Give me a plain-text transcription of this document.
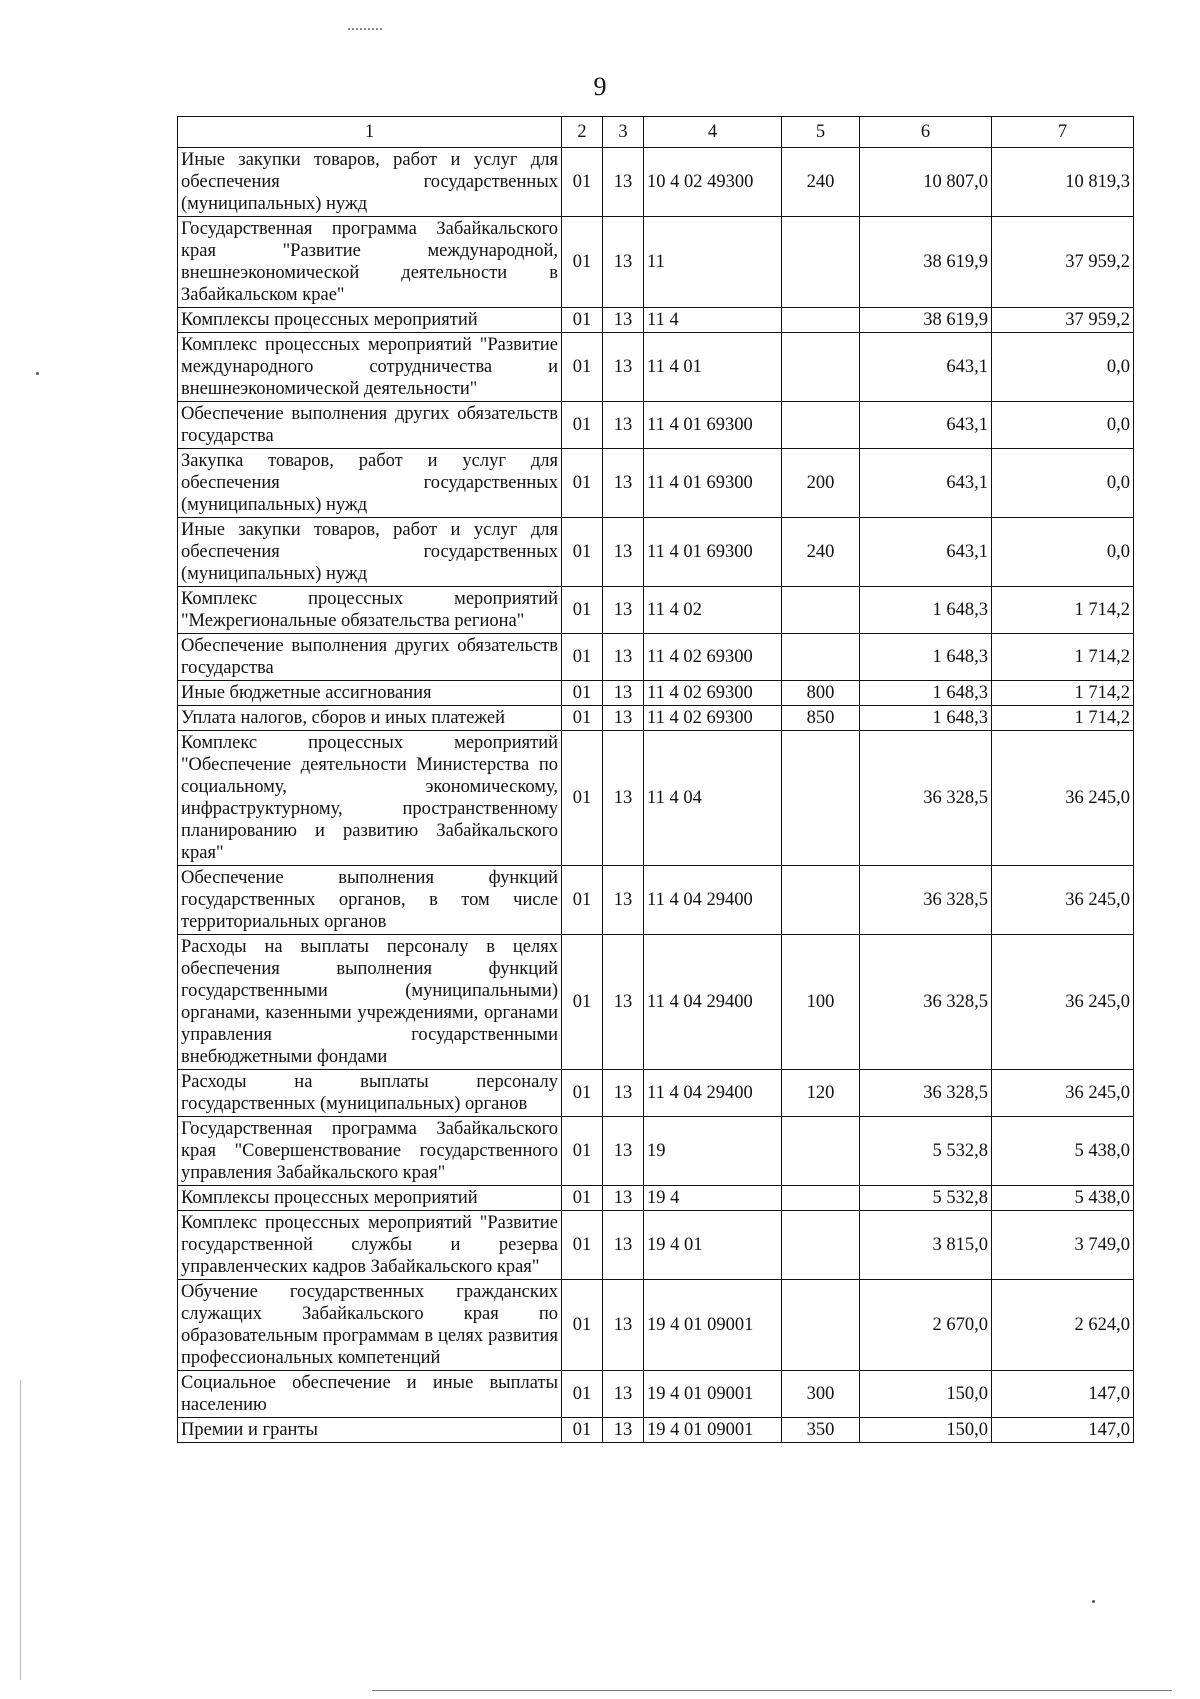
9
1	2	3	4	5	6	7
Иные закупки товаров, работ и услуг для обеспечения государственных (муниципальных) нужд	01	13	10 4 02 49300	240	10 807,0	10 819,3
Государственная программа Забайкальского края "Развитие международной, внешнеэкономической деятельности в Забайкальском крае"	01	13	11		38 619,9	37 959,2
Комплексы процессных мероприятий	01	13	11 4		38 619,9	37 959,2
Комплекс процессных мероприятий "Развитие международного сотрудничества и внешнеэкономической деятельности"	01	13	11 4 01		643,1	0,0
Обеспечение выполнения других обязательств государства	01	13	11 4 01 69300		643,1	0,0
Закупка товаров, работ и услуг для обеспечения государственных (муниципальных) нужд	01	13	11 4 01 69300	200	643,1	0,0
Иные закупки товаров, работ и услуг для обеспечения государственных (муниципальных) нужд	01	13	11 4 01 69300	240	643,1	0,0
Комплекс процессных мероприятий "Межрегиональные обязательства региона"	01	13	11 4 02		1 648,3	1 714,2
Обеспечение выполнения других обязательств государства	01	13	11 4 02 69300		1 648,3	1 714,2
Иные бюджетные ассигнования	01	13	11 4 02 69300	800	1 648,3	1 714,2
Уплата налогов, сборов и иных платежей	01	13	11 4 02 69300	850	1 648,3	1 714,2
Комплекс процессных мероприятий "Обеспечение деятельности Министерства по социальному, экономическому, инфраструктурному, пространственному планированию и развитию Забайкальского края"	01	13	11 4 04		36 328,5	36 245,0
Обеспечение выполнения функций государственных органов, в том числе территориальных органов	01	13	11 4 04 29400		36 328,5	36 245,0
Расходы на выплаты персоналу в целях обеспечения выполнения функций государственными (муниципальными) органами, казенными учреждениями, органами управления государственными внебюджетными фондами	01	13	11 4 04 29400	100	36 328,5	36 245,0
Расходы на выплаты персоналу государственных (муниципальных) органов	01	13	11 4 04 29400	120	36 328,5	36 245,0
Государственная программа Забайкальского края "Совершенствование государственного управления Забайкальского края"	01	13	19		5 532,8	5 438,0
Комплексы процессных мероприятий	01	13	19 4		5 532,8	5 438,0
Комплекс процессных мероприятий "Развитие государственной службы и резерва управленческих кадров Забайкальского края"	01	13	19 4 01		3 815,0	3 749,0
Обучение государственных гражданских служащих Забайкальского края по образовательным программам в целях развития профессиональных компетенций	01	13	19 4 01 09001		2 670,0	2 624,0
Социальное обеспечение и иные выплаты населению	01	13	19 4 01 09001	300	150,0	147,0
Премии и гранты	01	13	19 4 01 09001	350	150,0	147,0
